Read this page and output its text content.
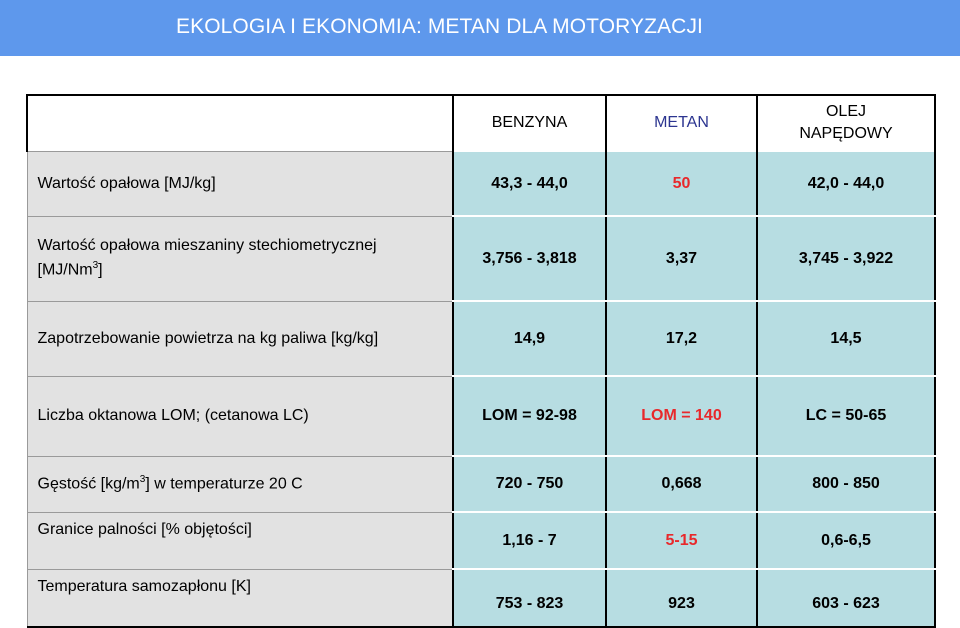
EKOLOGIA I EKONOMIA: METAN DLA MOTORYZACJI
	BENZYNA	METAN	OLEJ NAPĘDOWY
Wartość opałowa [MJ/kg]	43,3 - 44,0	50	42,0 - 44,0
Wartość opałowa mieszaniny stechiometrycznej
[MJ/Nm$^3$]	3,756 - 3,818	3,37	3,745 - 3,922
Zapotrzebowanie powietrza na kg paliwa [kg/kg]	14,9	17,2	14,5
Liczba oktanowa LOM; (cetanowa LC)	LOM = 92-98	LOM = 140	LC = 50-65
Gęstość $[kg/m^3]$ w temperaturze 20 C	720 - 750	0,668	800 - 850
Granice palności [% objętości]	1,16 - 7	5-15	0,6-6,5
Temperatura samozapłonu [K]	753 - 823	923	603 - 623
